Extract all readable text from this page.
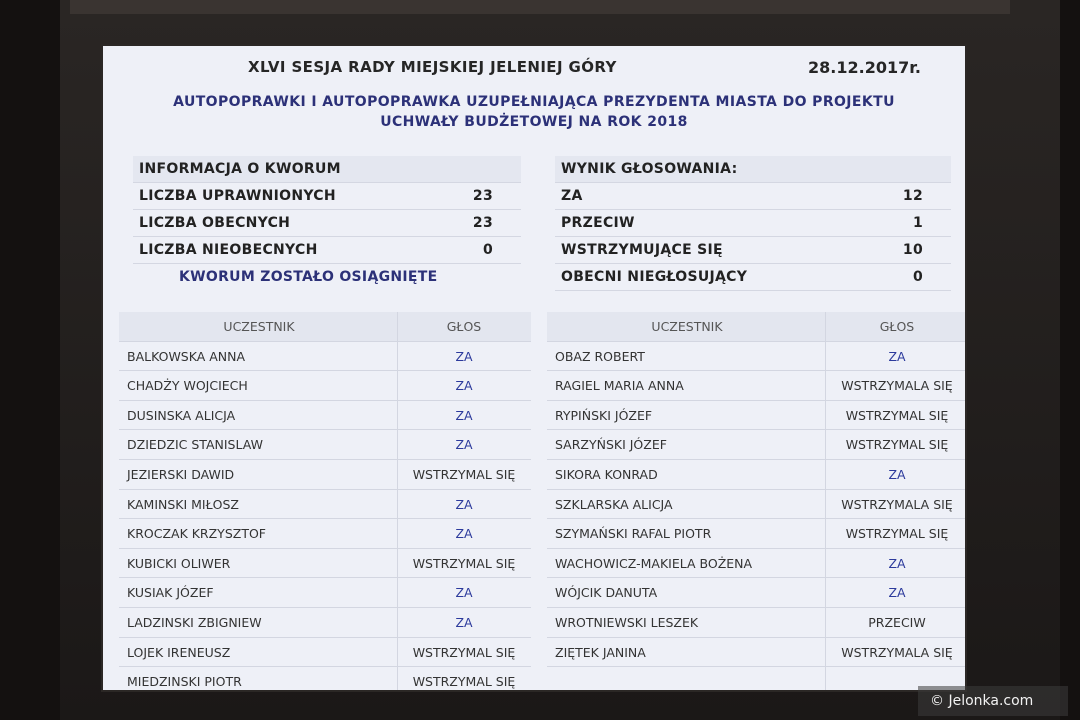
XLVI SESJA RADY MIEJSKIEJ JELENIEJ GÓRY	28.12.2017r.
AUTOPOPRAWKI I AUTOPOPRAWKA UZUPEŁNIAJĄCA PREZYDENTA MIASTA DO PROJEKTU
UCHWAŁY BUDŻETOWEJ NA ROK 2018
INFORMACJA O KWORUM
LICZBA UPRAWNIONYCH	23
LICZBA OBECNYCH	23
LICZBA NIEOBECNYCH	0
KWORUM ZOSTAŁO OSIĄGNIĘTE
WYNIK GŁOSOWANIA:
ZA	12
PRZECIW	1
WSTRZYMUJĄCE SIĘ	10
OBECNI NIEGŁOSUJĄCY	0
UCZESTNIK	GŁOS
BALKOWSKA ANNA	ZA
CHADŻY WOJCIECH	ZA
DUSINSKA ALICJA	ZA
DZIEDZIC STANISLAW	ZA
JEZIERSKI DAWID	WSTRZYMAL SIĘ
KAMINSKI MIŁOSZ	ZA
KROCZAK KRZYSZTOF	ZA
KUBICKI OLIWER	WSTRZYMAL SIĘ
KUSIAK JÓZEF	ZA
LADZINSKI ZBIGNIEW	ZA
LOJEK IRENEUSZ	WSTRZYMAL SIĘ
MIEDZINSKI PIOTR	WSTRZYMAL SIĘ
UCZESTNIK	GŁOS
OBAZ ROBERT	ZA
RAGIEL MARIA ANNA	WSTRZYMALA SIĘ
RYPIŃSKI JÓZEF	WSTRZYMAL SIĘ
SARZYŃSKI JÓZEF	WSTRZYMAL SIĘ
SIKORA KONRAD	ZA
SZKLARSKA ALICJA	WSTRZYMALA SIĘ
SZYMAŃSKI RAFAL PIOTR	WSTRZYMAL SIĘ
WACHOWICZ-MAKIELA BOŻENA	ZA
WÓJCIK DANUTA	ZA
WROTNIEWSKI LESZEK	PRZECIW
ZIĘTEK JANINA	WSTRZYMALA SIĘ
© Jelonka.com
